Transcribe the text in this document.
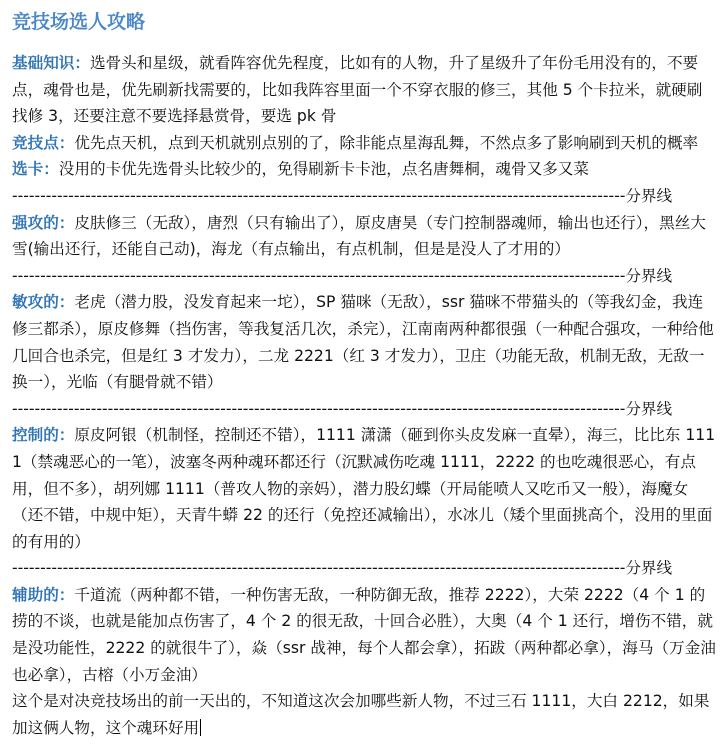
竞技场选人攻略

基础知识：选骨头和星级，就看阵容优先程度，比如有的人物，升了星级升了年份毛用没有的，不要点，魂骨也是，优先刷新找需要的，比如我阵容里面一个不穿衣服的修三，其他 5 个卡拉米，就硬刷找修 3，还要注意不要选择悬赏骨，要选 pk 骨

竞技点：优先点天机，点到天机就别点别的了，除非能点星海乱舞，不然点多了影响刷到天机的概率

选卡：没用的卡优先选骨头比较少的，免得刷新卡卡池，点名唐舞桐，魂骨又多又菜

-------------------------------------------------------------------------------------------------------------分界线

强攻的：皮肤修三（无敌），唐烈（只有输出了），原皮唐昊（专门控制器魂师，输出也还行），黑丝大雪(输出还行，还能自己动)，海龙（有点输出，有点机制，但是是没人了才用的）

-------------------------------------------------------------------------------------------------------------分界线

敏攻的：老虎（潜力股，没发育起来一坨），SP 猫咪（无敌），ssr 猫咪不带猫头的（等我幻金，我连修三都杀），原皮修舞（挡伤害，等我复活几次，杀完），江南南两种都很强（一种配合强攻，一种给他几回合也杀完，但是红 3 才发力），二龙 2221（红 3 才发力），卫庄（功能无敌，机制无敌，无敌一换一），光临（有腿骨就不错）

-------------------------------------------------------------------------------------------------------------分界线

控制的：原皮阿银（机制怪，控制还不错），1111 潇潇（砸到你头皮发麻一直晕），海三，比比东 1111（禁魂恶心的一笔），波塞冬两种魂环都还行（沉默减伤吃魂 1111，2222 的也吃魂很恶心，有点用，但不多），胡列娜 1111（普攻人物的亲妈），潜力股幻蝶（开局能喷人又吃币又一般），海魔女（还不错，中规中矩），天青牛蟒 22 的还行（免控还减输出），水冰儿（矮个里面挑高个，没用的里面的有用的）

-------------------------------------------------------------------------------------------------------------分界线

辅助的：千道流（两种都不错，一种伤害无敌，一种防御无敌，推荐 2222），大荣 2222（4 个 1 的捞的不谈，也就是能加点伤害了，4 个 2 的很无敌，十回合必胜），大奥（4 个 1 还行，增伤不错，就是没功能性，2222 的就很牛了），焱（ssr 战神，每个人都会拿），拓跋（两种都必拿），海马（万金油也必拿），古榕（小万金油）

这个是对决竞技场出的前一天出的，不知道这次会加哪些新人物，不过三石 1111，大白 2212，如果加这俩人物，这个魂环好用
